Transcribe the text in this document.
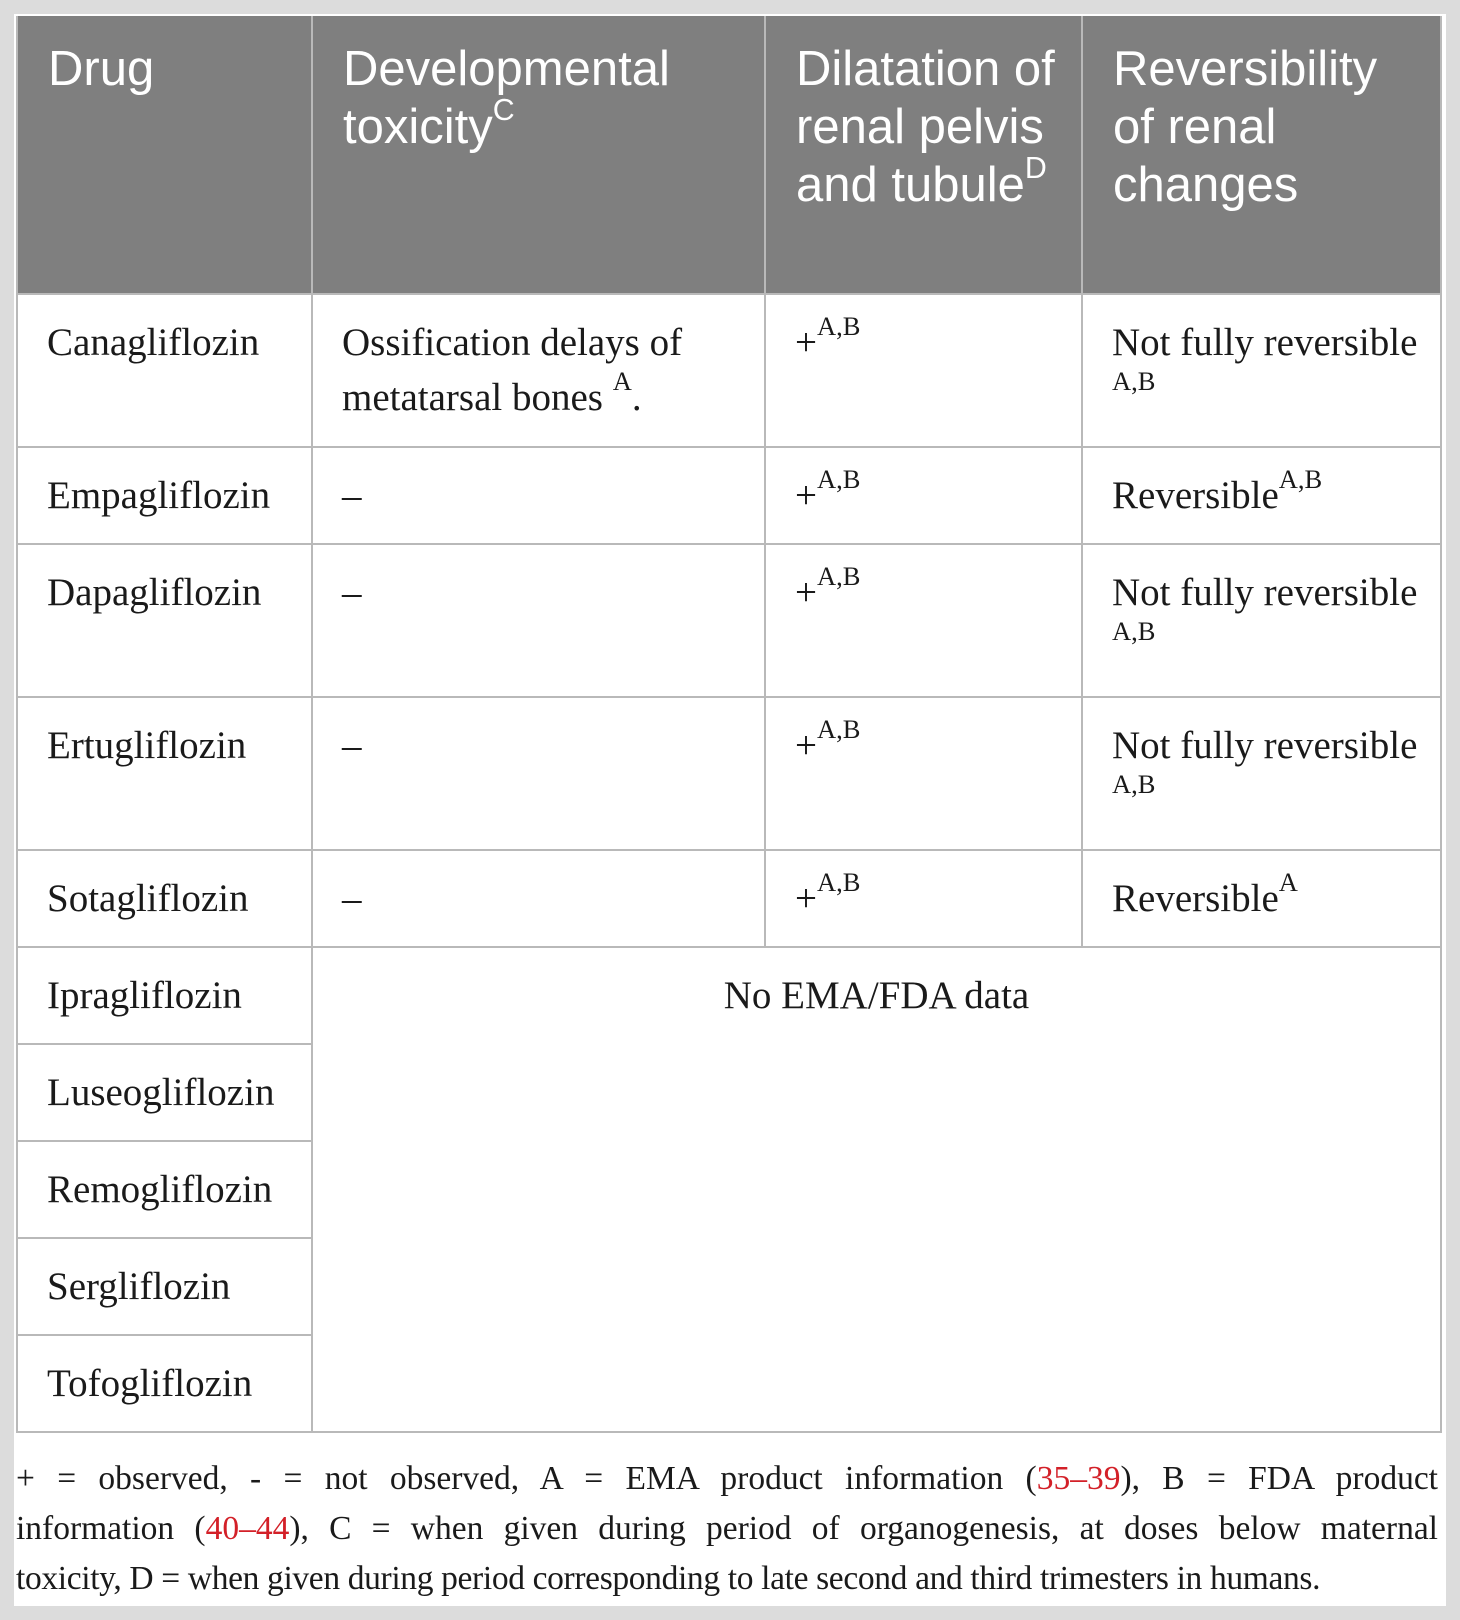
Drug	Developmental toxicity$^C$	Dilatation of renal pelvis and tubule$^D$	Reversibility of renal changes
Canagliflozin	Ossification delays of metatarsal bones $^A$.	+$^{A,B}$	Not fully reversible $^{A,B}$
Empagliflozin	–	+$^{A,B}$	Reversible$^{A,B}$
Dapagliflozin	–	+$^{A,B}$	Not fully reversible $^{A,B}$
Ertugliflozin	–	+$^{A,B}$	Not fully reversible $^{A,B}$
Sotagliflozin	–	+$^{A,B}$	Reversible$^A$
Ipragliflozin	No EMA/FDA data		
Luseogliflozin			
Remogliflozin			
Sergliflozin			
Tofogliflozin			
+ = observed, - = not observed, A = EMA product information (35–39), B = FDA product
information (40–44), C = when given during period of organogenesis, at doses below maternal
toxicity, D = when given during period corresponding to late second and third trimesters in humans.
